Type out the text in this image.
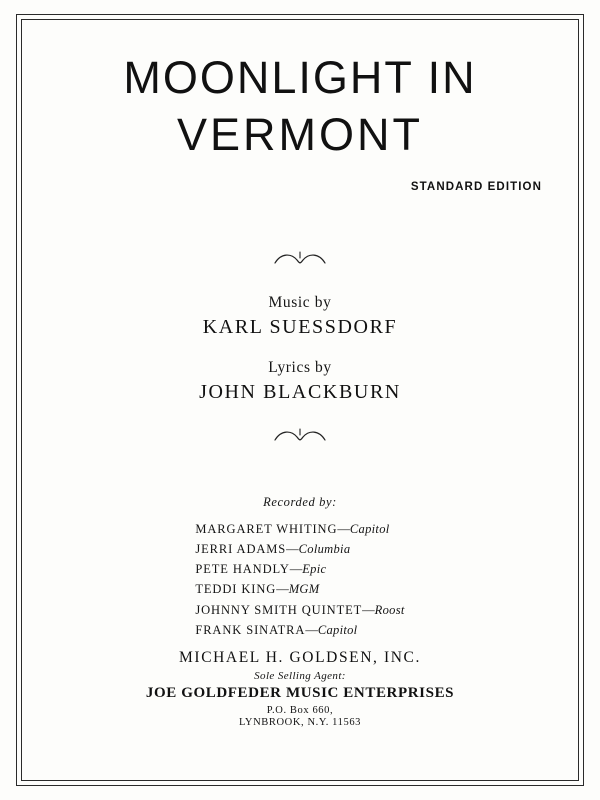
MOONLIGHT IN
VERMONT
STANDARD EDITION
Music by
KARL SUESSDORF
Lyrics by
JOHN BLACKBURN
Recorded by:
MARGARET WHITING—Capitol
JERRI ADAMS—Columbia
PETE HANDLY—Epic
TEDDI KING—MGM
JOHNNY SMITH QUINTET—Roost
FRANK SINATRA—Capitol
MICHAEL H. GOLDSEN, INC.
Sole Selling Agent:
JOE GOLDFEDER MUSIC ENTERPRISES
P.O. Box 660,
LYNBROOK, N.Y. 11563
